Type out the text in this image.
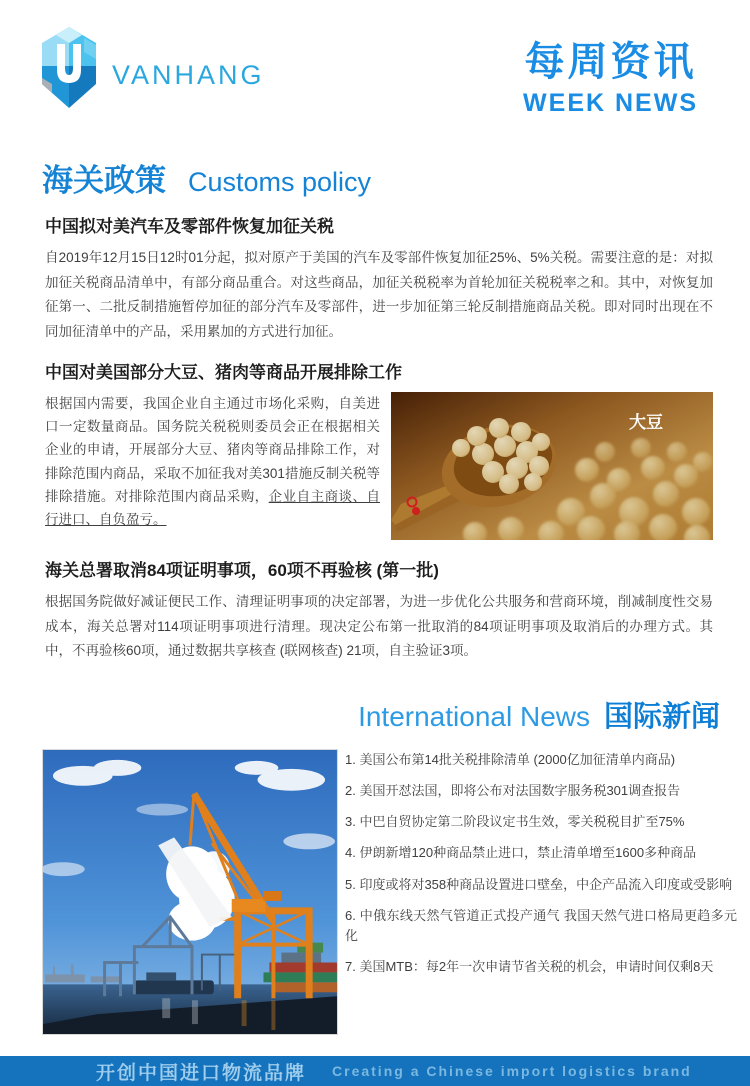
VANHANG	每周资讯
WEEK NEWS
海关政策 Customs policy
中国拟对美汽车及零部件恢复加征关税
自2019年12月15日12时01分起，拟对原产于美国的汽车及零部件恢复加征25%、5%关税。需要注意的是：对拟加征关税商品清单中，有部分商品重合。对这些商品，加征关税税率为首轮加征关税税率之和。其中，对恢复加征第一、二批反制措施暂停加征的部分汽车及零部件，进一步加征第三轮反制措施商品关税。即对同时出现在不同加征清单中的产品，采用累加的方式进行加征。
中国对美国部分大豆、猪肉等商品开展排除工作
根据国内需要，我国企业自主通过市场化采购，自美进口一定数量商品。国务院关税税则委员会正在根据相关企业的申请，开展部分大豆、猪肉等商品排除工作，对排除范围内商品，采取不加征我对美301措施反制关税等排除措施。对排除范围内商品采购，企业自主商谈、自行进口、自负盈亏。
大豆
海关总署取消84项证明事项，60项不再验核 (第一批)
根据国务院做好减证便民工作、清理证明事项的决定部署，为进一步优化公共服务和营商环境，削减制度性交易成本，海关总署对114项证明事项进行清理。现决定公布第一批取消的84项证明事项及取消后的办理方式。其中，不再验核60项，通过数据共享核查 (联网核查) 21项，自主验证3项。
International News 国际新闻
1. 美国公布第14批关税排除清单 (2000亿加征清单内商品)
2. 美国开怼法国，即将公布对法国数字服务税301调查报告
3. 中巴自贸协定第二阶段议定书生效，零关税税目扩至75%
4. 伊朗新增120种商品禁止进口，禁止清单增至1600多种商品
5. 印度或将对358种商品设置进口壁垒，中企产品流入印度或受影响
6. 中俄东线天然气管道正式投产通气 我国天然气进口格局更趋多元化
7. 美国MTB：每2年一次申请节省关税的机会，申请时间仅剩8天
开创中国进口物流品牌 Creating a Chinese import logistics brand
